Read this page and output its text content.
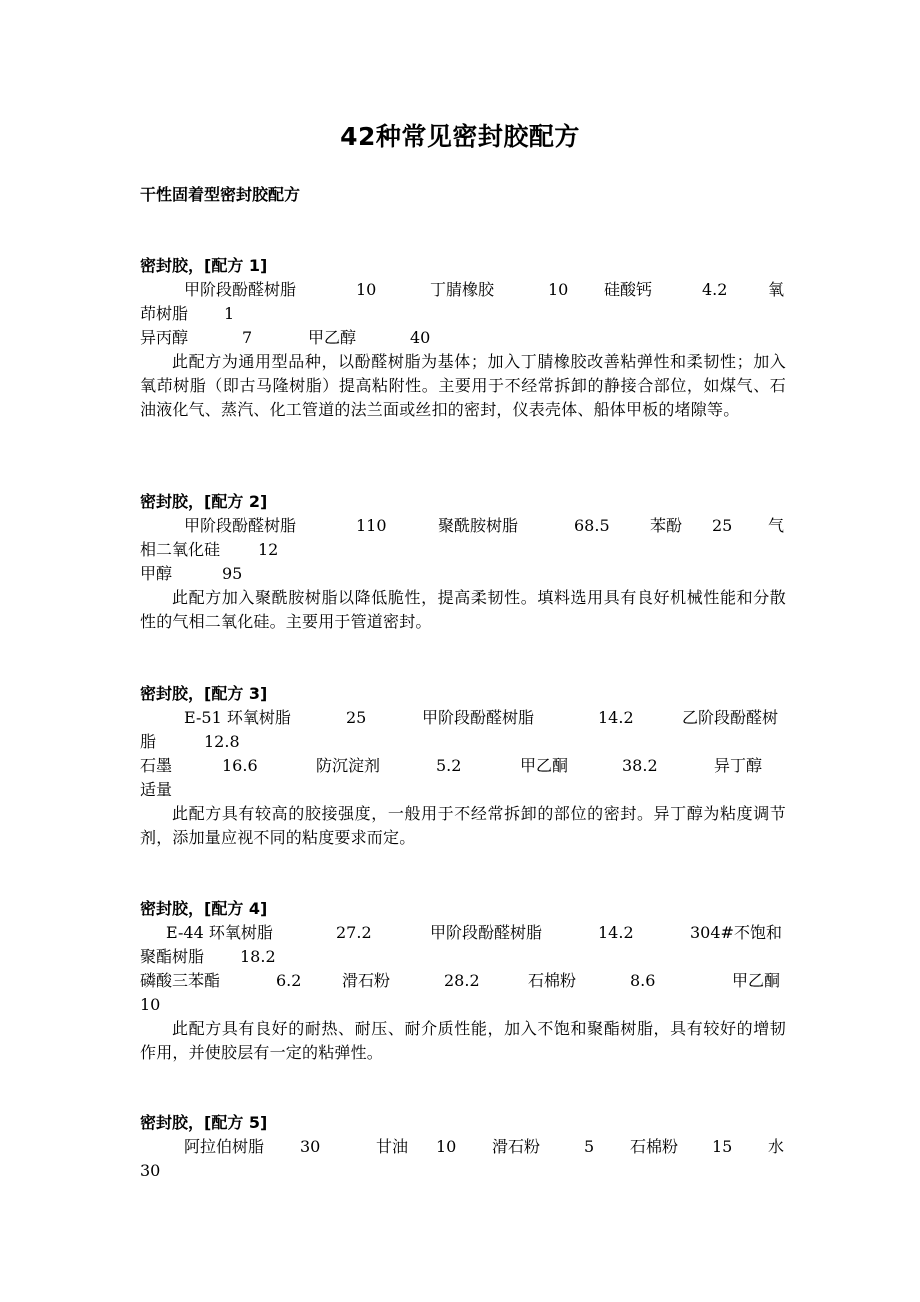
42种常见密封胶配方
干性固着型密封胶配方
密封胶，[配方 1]
甲阶段酚醛树脂	10	丁腈橡胶	10 硅酸钙	4.2	氧
茚树脂 1
异丙醇	7	甲乙醇	40
此配方为通用型品种，以酚醛树脂为基体；加入丁腈橡胶改善粘弹性和柔韧性；加入氧茚树脂（即古马隆树脂）提高粘附性。主要用于不经常拆卸的静接合部位，如煤气、石油液化气、蒸汽、化工管道的法兰面或丝扣的密封，仪表壳体、船体甲板的堵隙等。
密封胶，[配方 2]
甲阶段酚醛树脂	110	聚酰胺树脂	68.5	苯酚 25 气
相二氧化硅 12
甲醇	95
此配方加入聚酰胺树脂以降低脆性，提高柔韧性。填料选用具有良好机械性能和分散性的气相二氧化硅。主要用于管道密封。
密封胶，[配方 3]
E-51 环氧树脂	25	甲阶段酚醛树脂	14.2	乙阶段酚醛树
脂	12.8
石墨	16.6	防沉淀剂	5.2	甲乙酮	38.2	异丁醇
适量
此配方具有较高的胶接强度，一般用于不经常拆卸的部位的密封。异丁醇为粘度调节剂，添加量应视不同的粘度要求而定。
密封胶，[配方 4]
E-44 环氧树脂	27.2	甲阶段酚醛树脂	14.2	304#不饱和
聚酯树脂 18.2
磷酸三苯酯	6.2	滑石粉	28.2	石棉粉	8.6	甲乙酮
10
此配方具有良好的耐热、耐压、耐介质性能，加入不饱和聚酯树脂，具有较好的增韧作用，并使胶层有一定的粘弹性。
密封胶，[配方 5]
阿拉伯树脂 30	甘油 10 滑石粉	5 石棉粉 15 水
30
